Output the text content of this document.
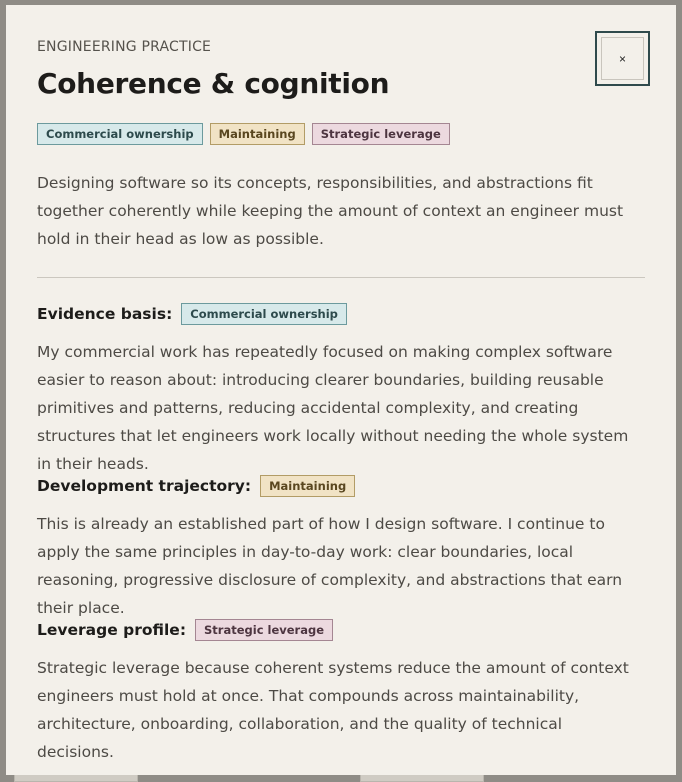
×
ENGINEERING PRACTICE
Coherence & cognition
Commercial ownership	Maintaining	Strategic leverage

Designing software so its concepts, responsibilities, and abstractions fit together coherently while keeping the amount of context an engineer must hold in their head as low as possible.

Evidence basis:	Commercial ownership

My commercial work has repeatedly focused on making complex software easier to reason about: introducing clearer boundaries, building reusable primitives and patterns, reducing accidental complexity, and creating structures that let engineers work locally without needing the whole system in their heads.

Development trajectory:	Maintaining

This is already an established part of how I design software. I continue to apply the same principles in day-to-day work: clear boundaries, local reasoning, progressive disclosure of complexity, and abstractions that earn their place.

Leverage profile:	Strategic leverage

Strategic leverage because coherent systems reduce the amount of context engineers must hold at once. That compounds across maintainability, architecture, onboarding, collaboration, and the quality of technical decisions.
